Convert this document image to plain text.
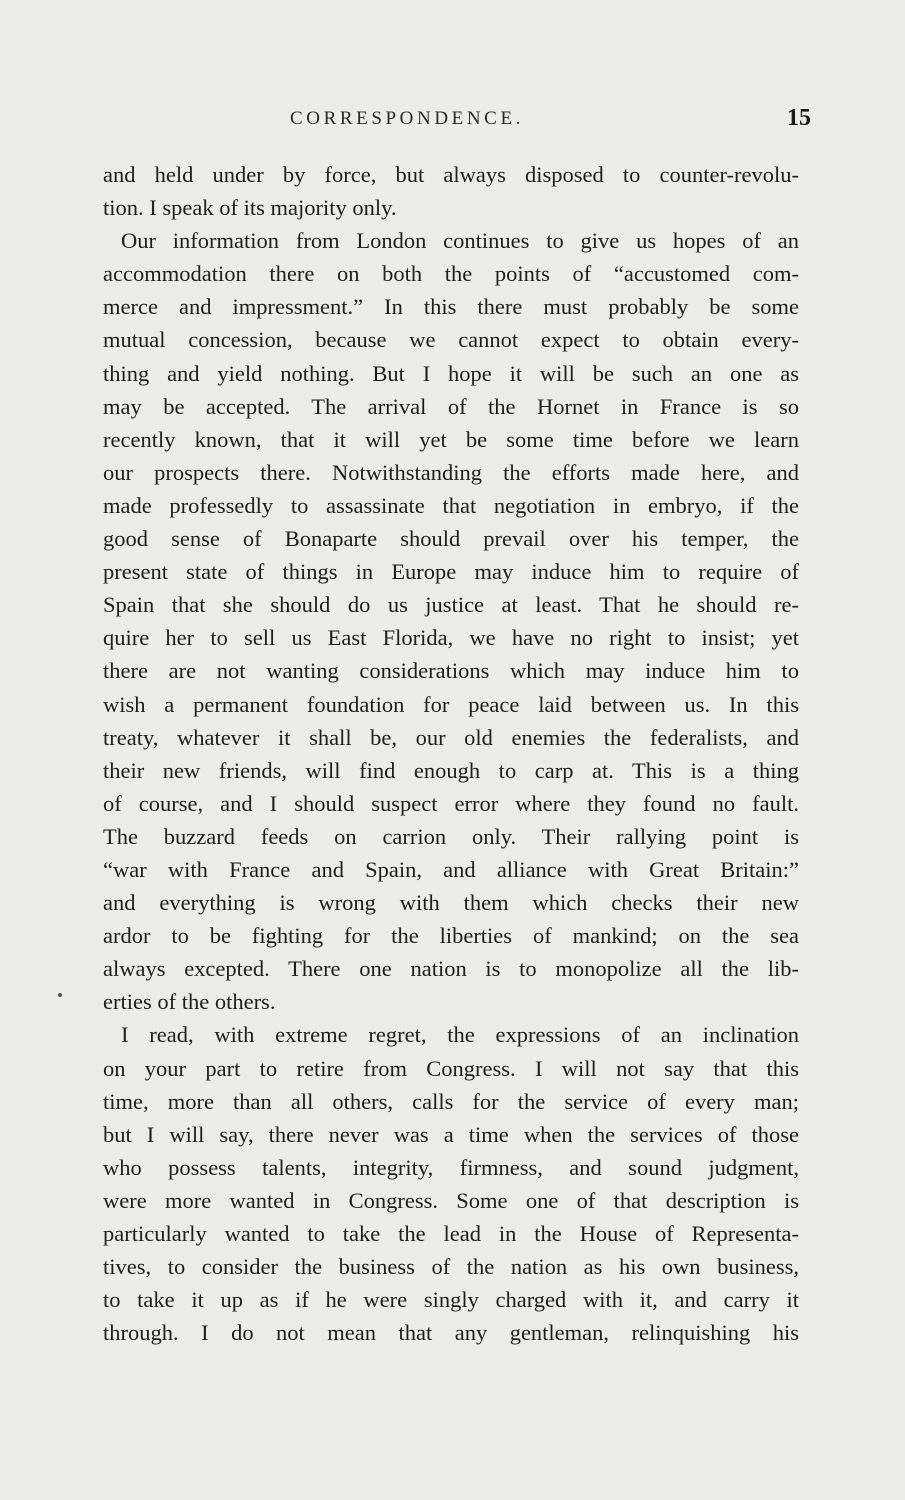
CORRESPONDENCE.	15
and held under by force, but always disposed to counter-revolu-
tion. I speak of its majority only.
Our information from London continues to give us hopes of an
accommodation there on both the points of “accustomed com-
merce and impressment.” In this there must probably be some
mutual concession, because we cannot expect to obtain every-
thing and yield nothing. But I hope it will be such an one as
may be accepted. The arrival of the Hornet in France is so
recently known, that it will yet be some time before we learn
our prospects there. Notwithstanding the efforts made here, and
made professedly to assassinate that negotiation in embryo, if the
good sense of Bonaparte should prevail over his temper, the
present state of things in Europe may induce him to require of
Spain that she should do us justice at least. That he should re-
quire her to sell us East Florida, we have no right to insist; yet
there are not wanting considerations which may induce him to
wish a permanent foundation for peace laid between us. In this
treaty, whatever it shall be, our old enemies the federalists, and
their new friends, will find enough to carp at. This is a thing
of course, and I should suspect error where they found no fault.
The buzzard feeds on carrion only. Their rallying point is
“war with France and Spain, and alliance with Great Britain:”
and everything is wrong with them which checks their new
ardor to be fighting for the liberties of mankind; on the sea
always excepted. There one nation is to monopolize all the lib-
erties of the others.
I read, with extreme regret, the expressions of an inclination
on your part to retire from Congress. I will not say that this
time, more than all others, calls for the service of every man;
but I will say, there never was a time when the services of those
who possess talents, integrity, firmness, and sound judgment,
were more wanted in Congress. Some one of that description is
particularly wanted to take the lead in the House of Representa-
tives, to consider the business of the nation as his own business,
to take it up as if he were singly charged with it, and carry it
through. I do not mean that any gentleman, relinquishing his
